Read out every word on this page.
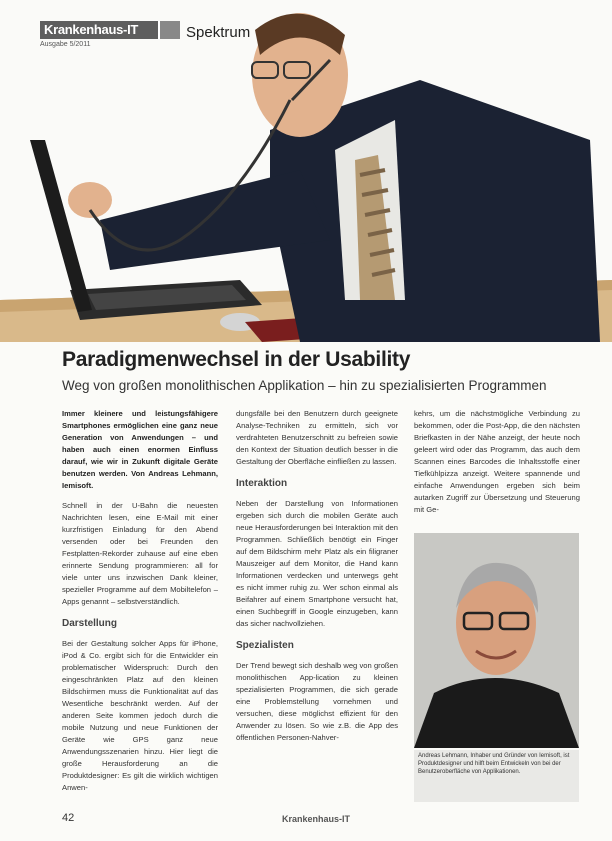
Krankenhaus-IT
Ausgabe 5/2011
Spektrum
Paradigmenwechsel in der Usability
Weg von großen monolithischen Applikation – hin zu spezialisierten Programmen

Immer kleinere und leistungsfähigere Smartphones ermöglichen eine ganz neue Generation von Anwendungen – und haben auch einen enormen Einfluss darauf, wie wir in Zukunft digitale Geräte benutzen werden. Von Andreas Lehmann, Iemisoft.

Schnell in der U-Bahn die neuesten Nachrichten lesen, eine E-Mail mit einer kurzfristigen Einladung für den Abend versenden oder bei Freunden den Festplatten-Rekorder zuhause auf eine eben erinnerte Sendung programmieren: all for viele unter uns inzwischen Dank kleiner, spezieller Programme auf dem Mobiltelefon – Apps genannt – selbstverständlich.

Darstellung

Bei der Gestaltung solcher Apps für iPhone, iPod & Co. ergibt sich für die Entwickler ein problematischer Widerspruch: Durch den eingeschränkten Platz auf den kleinen Bildschirmen muss die Funktionalität auf das Wesentliche beschränkt werden. Auf der anderen Seite kommen jedoch durch die mobile Nutzung und neue Funktionen der Geräte wie GPS ganz neue Anwendungsszenarien hinzu. Hier liegt die große Herausforderung an die Produktdesigner: Es gilt die wirklich wichtigen Anwen-

dungsfälle bei den Benutzern durch geeignete Analyse-Techniken zu ermitteln, sich vor verdrahteten Benutzerschnitt zu befreien sowie den Kontext der Situation deutlich besser in die Gestaltung der Oberfläche einfließen zu lassen.

Interaktion

Neben der Darstellung von Informationen ergeben sich durch die mobilen Geräte auch neue Herausforderungen bei Interaktion mit den Programmen. Schließlich benötigt ein Finger auf dem Bildschirm mehr Platz als ein filigraner Mauszeiger auf dem Monitor, die Hand kann Informationen verdecken und unterwegs geht es nicht immer ruhig zu. Wer schon einmal als Beifahrer auf einem Smartphone versucht hat, einen Suchbegriff in Google einzugeben, kann das sicher nachvollziehen.

Spezialisten

Der Trend bewegt sich deshalb weg von großen monolithischen App-lication zu kleinen spezialisierten Programmen, die sich gerade eine Problemstellung vornehmen und versuchen, diese möglichst effizient für den Anwender zu lösen. So wie z.B. die App des öffentlichen Personen-Nahver-

kehrs, um die nächstmögliche Verbindung zu bekommen, oder die Post-App, die den nächsten Briefkasten in der Nähe anzeigt, der heute noch geleert wird oder das Programm, das auch dem Scannen eines Barcodes die Inhaltsstoffe einer Tiefkühlpizza anzeigt. Weitere spannende und einfache Anwendungen ergeben sich beim autarken Zugriff zur Übersetzung und Steuerung mit Ge-

Andreas Lehmann, Inhaber und Gründer von Iemisoft, ist Produktdesigner und hilft beim Entwickeln von bei der Benutzeroberfläche von Applikationen.
42	Krankenhaus-IT
